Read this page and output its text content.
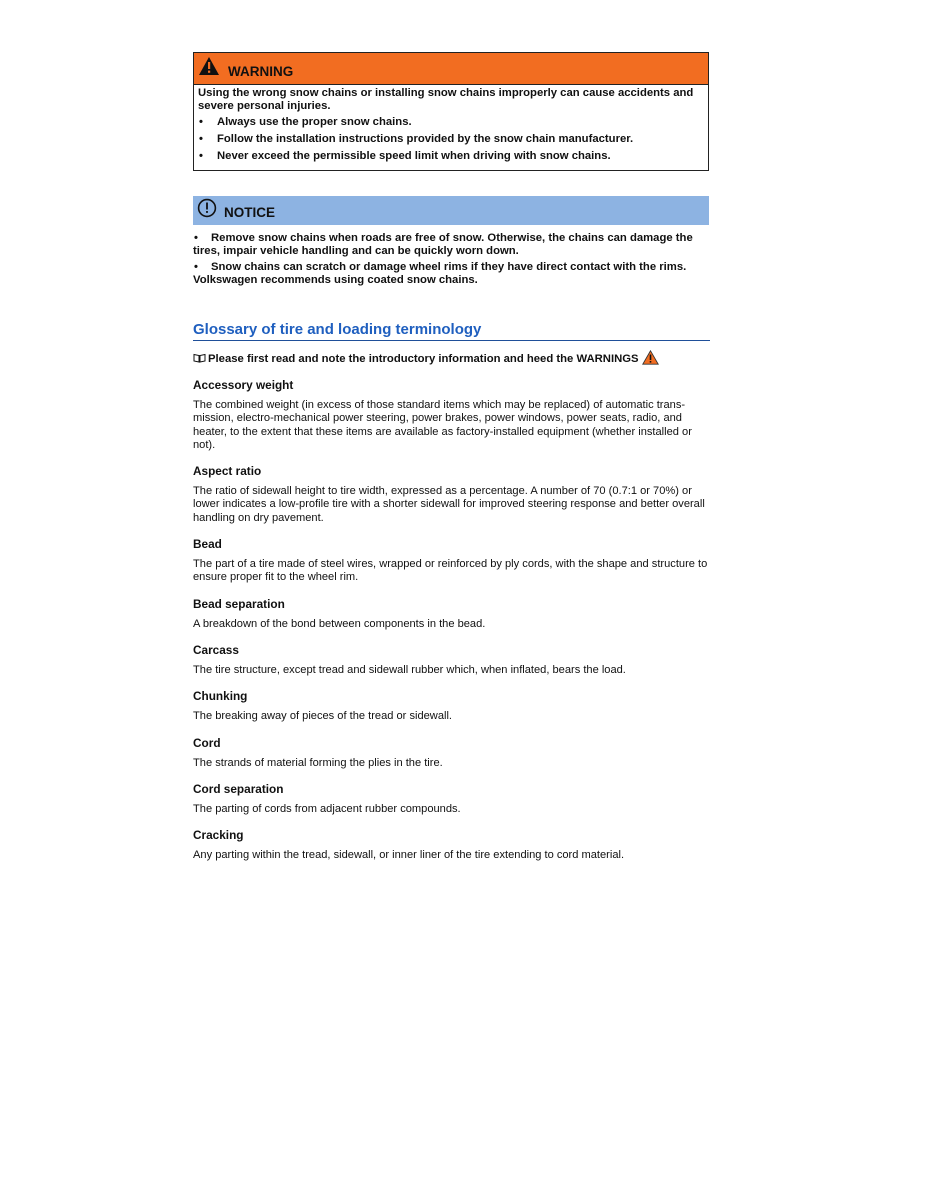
WARNING

Using the wrong snow chains or installing snow chains improperly can cause accidents and severe personal injuries.

•	Always use the proper snow chains.
•	Follow the installation instructions provided by the snow chain manufacturer.
•	Never exceed the permissible speed limit when driving with snow chains.
NOTICE
• Remove snow chains when roads are free of snow. Otherwise, the chains can damage the tires, impair vehicle handling and can be quickly worn down.
• Snow chains can scratch or damage wheel rims if they have direct contact with the rims. Volkswagen recommends using coated snow chains.
Glossary of tire and loading terminology
Please first read and note the introductory information and heed the WARNINGS
Accessory weight
The combined weight (in excess of those standard items which may be replaced) of automatic trans-mission, electro-mechanical power steering, power brakes, power windows, power seats, radio, and heater, to the extent that these items are available as factory-installed equipment (whether installed or not).
Aspect ratio
The ratio of sidewall height to tire width, expressed as a percentage. A number of 70 (0.7:1 or 70%) or lower indicates a low-profile tire with a shorter sidewall for improved steering response and better overall handling on dry pavement.
Bead
The part of a tire made of steel wires, wrapped or reinforced by ply cords, with the shape and structure to ensure proper fit to the wheel rim.
Bead separation
A breakdown of the bond between components in the bead.
Carcass
The tire structure, except tread and sidewall rubber which, when inflated, bears the load.
Chunking
The breaking away of pieces of the tread or sidewall.
Cord
The strands of material forming the plies in the tire.
Cord separation
The parting of cords from adjacent rubber compounds.
Cracking
Any parting within the tread, sidewall, or inner liner of the tire extending to cord material.
